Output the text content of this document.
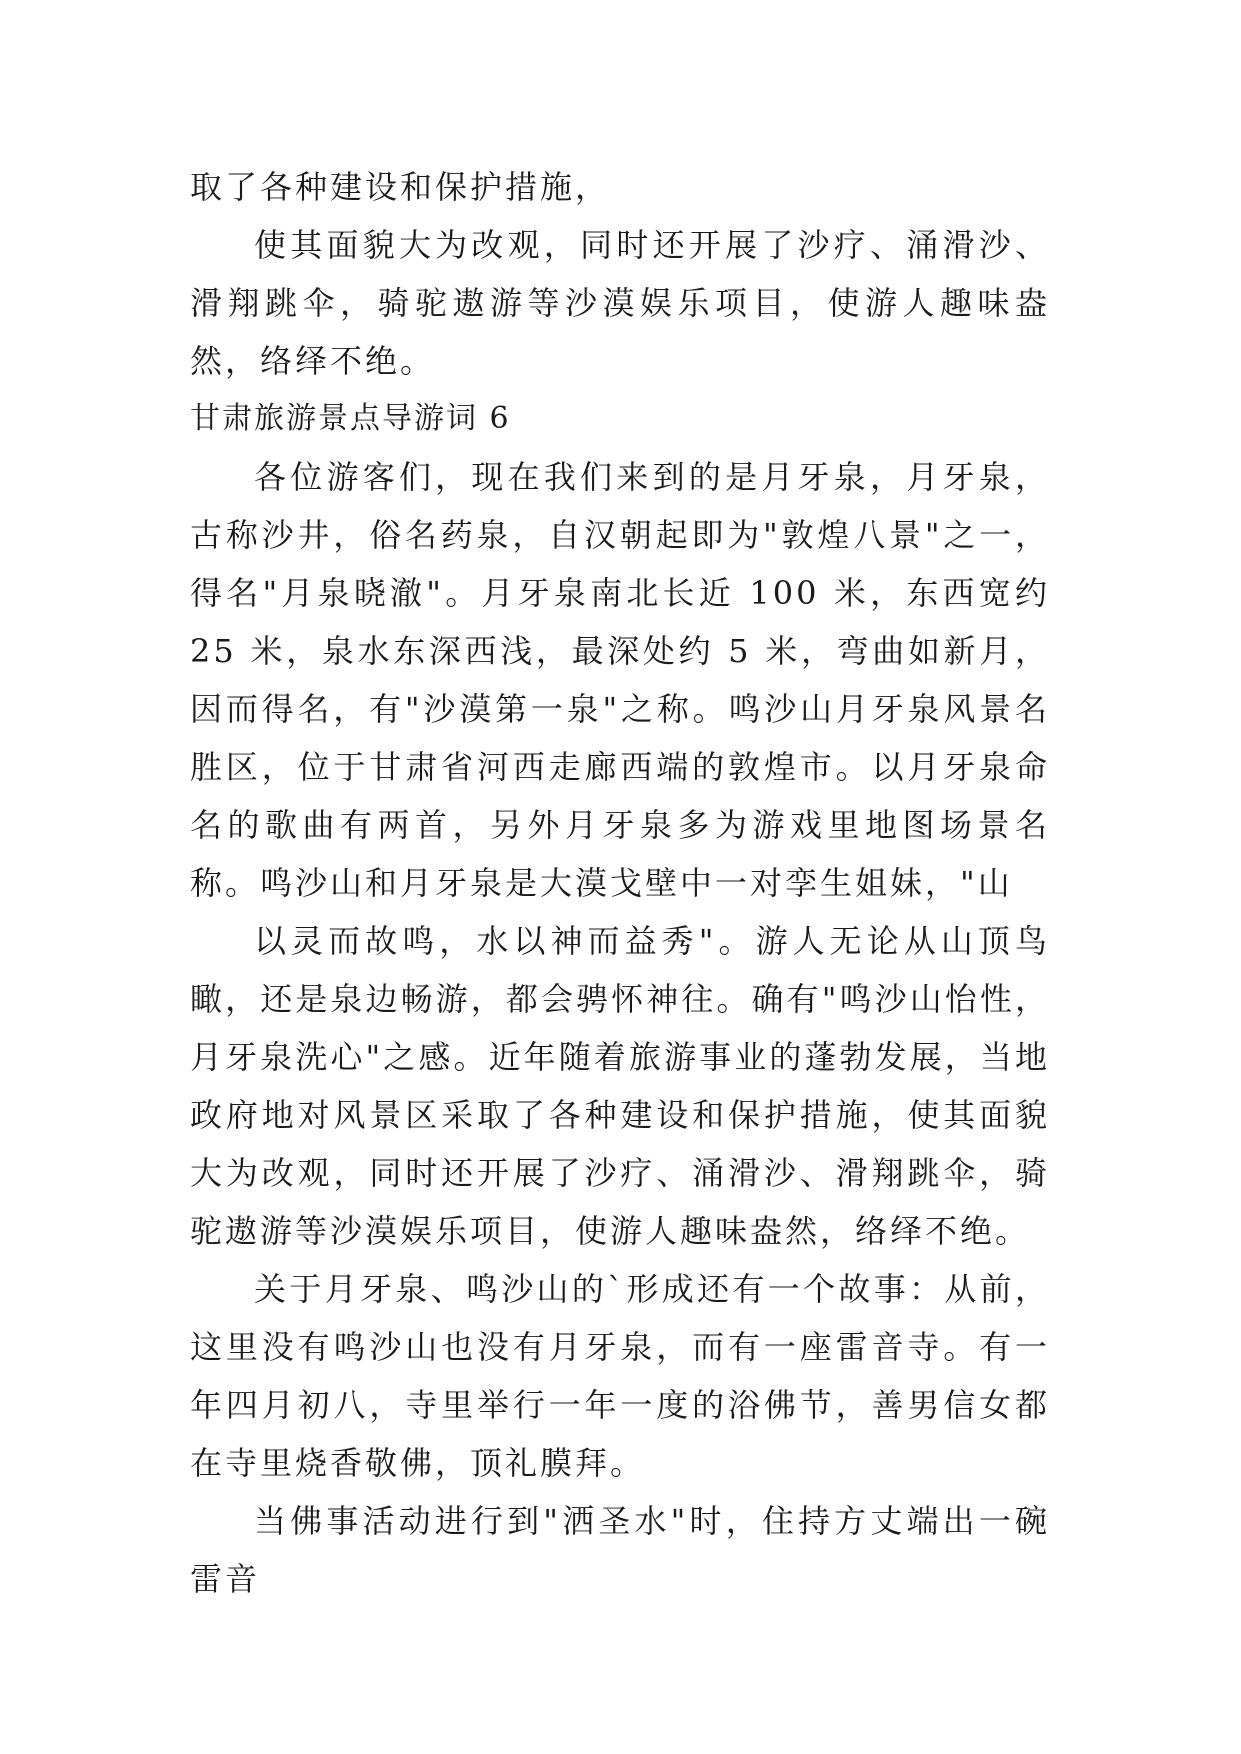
取了各种建设和保护措施，

使其面貌大为改观，同时还开展了沙疗、涌滑沙、滑翔跳伞，骑驼遨游等沙漠娱乐项目，使游人趣味盎然，络绎不绝。

甘肃旅游景点导游词 6

各位游客们，现在我们来到的是月牙泉，月牙泉，古称沙井，俗名药泉，自汉朝起即为"敦煌八景"之一，得名"月泉晓澈"。月牙泉南北长近 100 米，东西宽约 25 米，泉水东深西浅，最深处约 5 米，弯曲如新月，因而得名，有"沙漠第一泉"之称。鸣沙山月牙泉风景名胜区，位于甘肃省河西走廊西端的敦煌市。以月牙泉命名的歌曲有两首，另外月牙泉多为游戏里地图场景名称。鸣沙山和月牙泉是大漠戈壁中一对孪生姐妹，"山

以灵而故鸣，水以神而益秀"。游人无论从山顶鸟瞰，还是泉边畅游，都会骋怀神往。确有"鸣沙山怡性，月牙泉洗心"之感。近年随着旅游事业的蓬勃发展，当地政府地对风景区采取了各种建设和保护措施，使其面貌大为改观，同时还开展了沙疗、涌滑沙、滑翔跳伞，骑驼遨游等沙漠娱乐项目，使游人趣味盎然，络绎不绝。

关于月牙泉、鸣沙山的`形成还有一个故事：从前，这里没有鸣沙山也没有月牙泉，而有一座雷音寺。有一年四月初八，寺里举行一年一度的浴佛节，善男信女都在寺里烧香敬佛，顶礼膜拜。

当佛事活动进行到"洒圣水"时，住持方丈端出一碗雷音
